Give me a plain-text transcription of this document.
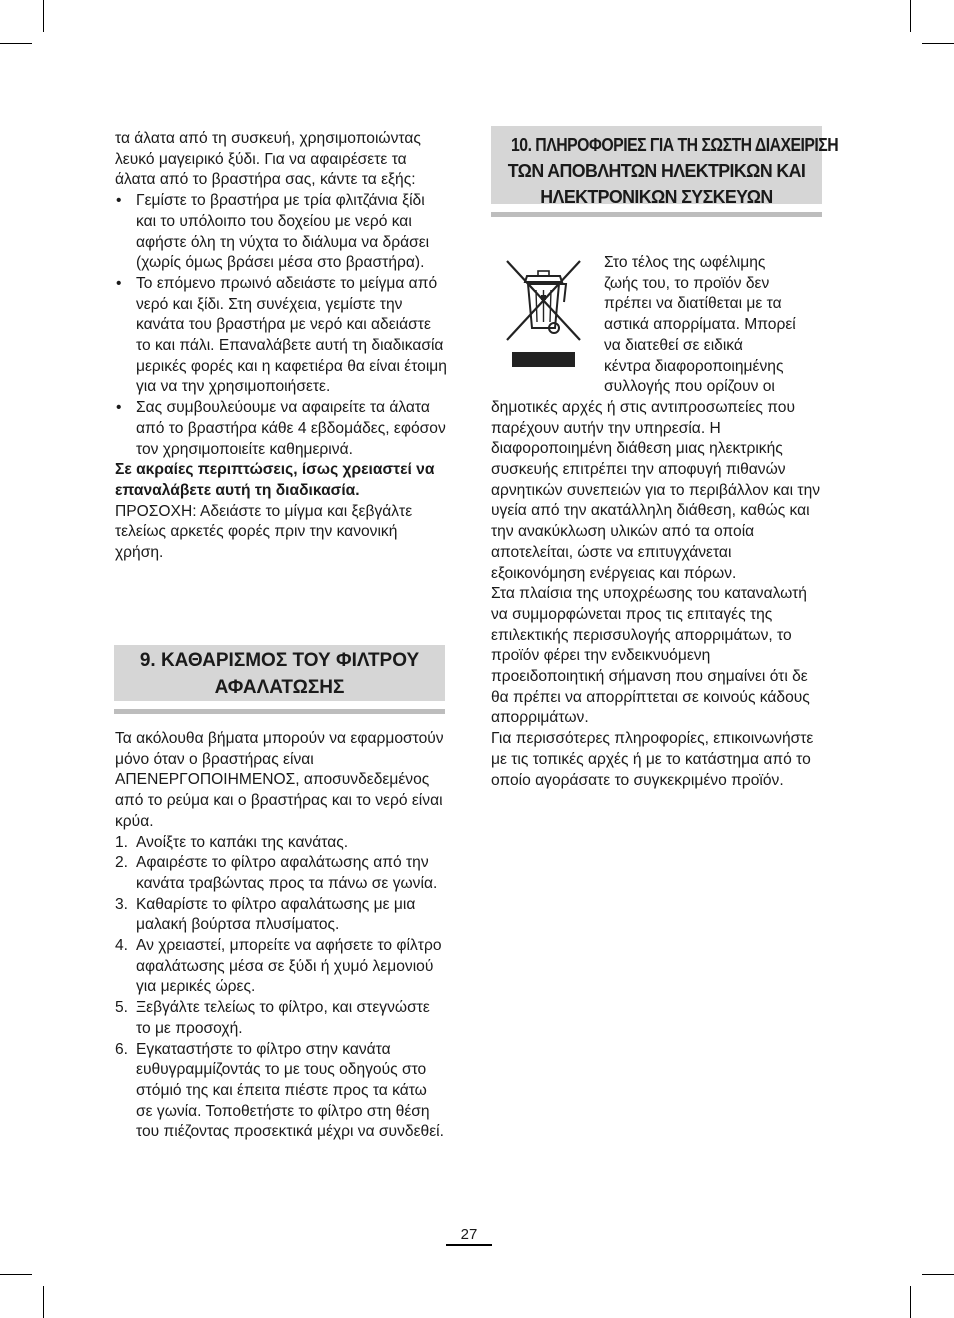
τα άλατα από τη συσκευή, χρησιμοποιώντας λευκό μαγειρικό ξύδι. Για να αφαιρέσετε τα άλατα από το βραστήρα σας, κάντε τα εξής:

• Γεμίστε το βραστήρα με τρία φλιτζάνια ξίδι και το υπόλοιπο του δοχείου με νερό και αφήστε όλη τη νύχτα το διάλυμα να δράσει (χωρίς όμως βράσει μέσα στο βραστήρα).
• Το επόμενο πρωινό αδειάστε το μείγμα από νερό και ξίδι. Στη συνέχεια, γεμίστε την κανάτα του βραστήρα με νερό και αδειάστε το και πάλι. Επαναλάβετε αυτή τη διαδικασία μερικές φορές και η καφετιέρα θα είναι έτοιμη για να την χρησιμοποιήσετε.
• Σας συμβουλεύουμε να αφαιρείτε τα άλατα από το βραστήρα κάθε 4 εβδομάδες, εφόσον τον χρησιμοποιείτε καθημερινά.

Σε ακραίες περιπτώσεις, ίσως χρειαστεί να επαναλάβετε αυτή τη διαδικασία.

ΠΡΟΣΟΧΗ: Αδειάστε το μίγμα και ξεβγάλτε τελείως αρκετές φορές πριν την κανονική χρήση.

9. ΚΑΘΑΡΙΣΜΟΣ ΤΟΥ ΦΙΛΤΡΟΥ
ΑΦΑΛΑΤΩΣΗΣ

Τα ακόλουθα βήματα μπορούν να εφαρμοστούν μόνο όταν ο βραστήρας είναι ΑΠΕΝΕΡΓΟΠΟΙΗΜΕΝΟΣ, αποσυνδεδεμένος από το ρεύμα και ο βραστήρας και το νερό είναι κρύα.

1. Ανοίξτε το καπάκι της κανάτας.
2. Αφαιρέστε το φίλτρο αφαλάτωσης από την κανάτα τραβώντας προς τα πάνω σε γωνία.
3. Καθαρίστε το φίλτρο αφαλάτωσης με μια μαλακή βούρτσα πλυσίματος.
4. Αν χρειαστεί, μπορείτε να αφήσετε το φίλτρο αφαλάτωσης μέσα σε ξύδι ή χυμό λεμονιού για μερικές ώρες.
5. Ξεβγάλτε τελείως το φίλτρο, και στεγνώστε το με προσοχή.
6. Εγκαταστήστε το φίλτρο στην κανάτα ευθυγραμμίζοντάς το με τους οδηγούς στο στόμιό της και έπειτα πιέστε προς τα κάτω σε γωνία. Τοποθετήστε το φίλτρο στη θέση του πιέζοντας προσεκτικά μέχρι να συνδεθεί.
10. ΠΛΗΡΟΦΟΡΙΕΣ ΓΙΑ ΤΗ ΣΩΣΤΗ ΔΙΑΧΕΙΡΙΣΗ
ΤΩΝ ΑΠΟΒΛΗΤΩΝ ΗΛΕΚΤΡΙΚΩΝ ΚΑΙ
ΗΛΕΚΤΡΟΝΙΚΩΝ ΣΥΣΚΕΥΩΝ

Στο τέλος της ωφέλιμης
ζωής του, το προϊόν δεν
πρέπει να διατίθεται με τα
αστικά απορρίματα. Μπορεί
να διατεθεί σε ειδικά
κέντρα διαφοροποιημένης
συλλογής που ορίζουν οι
δημοτικές αρχές ή στις αντιπροσωπείες που παρέχουν αυτήν την υπηρεσία. Η διαφοροποιημένη διάθεση μιας ηλεκτρικής συσκευής επιτρέπει την αποφυγή πιθανών αρνητικών συνεπειών για το περιβάλλον και την υγεία από την ακατάλληλη διάθεση, καθώς και την ανακύκλωση υλικών από τα οποία αποτελείται, ώστε να επιτυγχάνεται εξοικονόμηση ενέργειας και πόρων.

Στα πλαίσια της υποχρέωσης του καταναλωτή να συμμορφώνεται προς τις επιταγές της επιλεκτικής περισσυλογής απορριμάτων, το προϊόν φέρει την ενδεικνυόμενη προειδοποιητική σήμανση που σημαίνει ότι δε θα πρέπει να απορρίπτεται σε κοινούς κάδους απορριμάτων.

Για περισσότερες πληροφορίες, επικοινωνήστε με τις τοπικές αρχές ή με το κατάστημα από το οποίο αγοράσατε το συγκεκριμένο προϊόν.

27
